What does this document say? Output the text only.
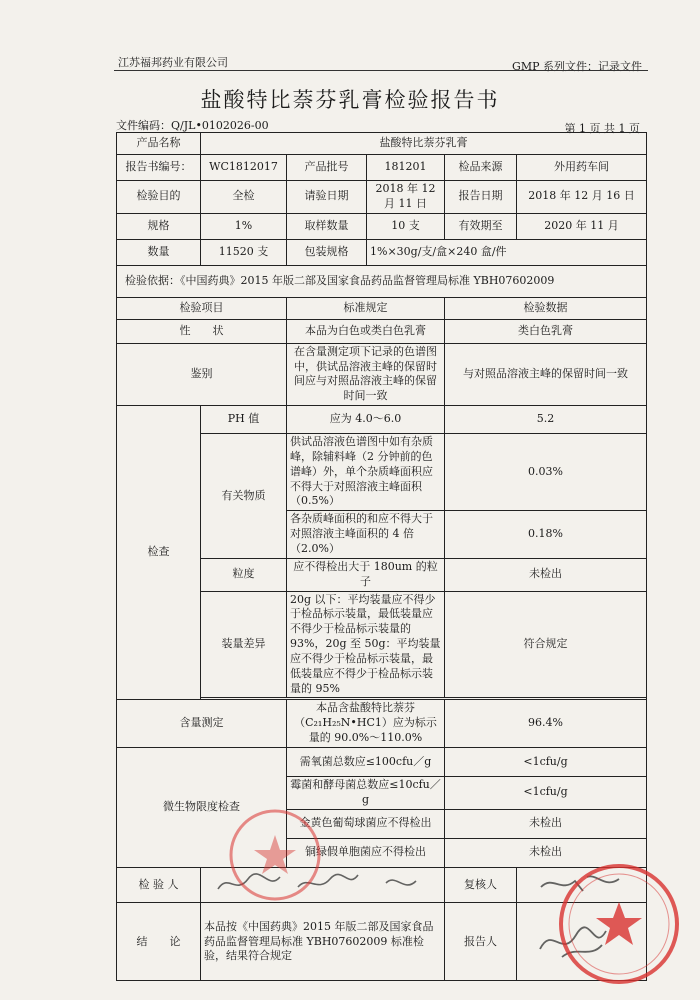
江苏福邦药业有限公司	GMP 系列文件：记录文件
盐酸特比萘芬乳膏检验报告书
文件编码：Q/JL•0102026-00	第 1 页 共 1 页
产品名称	盐酸特比萘芬乳膏				
报告书编号：	WC1812017	产品批号	181201	检品来源	外用药车间
检验目的	全检	请验日期	2018 年 12 月 11 日	报告日期	2018 年 12 月 16 日
规格	1%	取样数量	10 支	有效期至	2020 年 11 月
数量	11520 支	包装规格	1%×30g/支/盒×240 盒/件		
检验依据：《中国药典》2015 年版二部及国家食品药品监督管理局标准 YBH07602009					
检验项目		标准规定		检验数据	
性　　状		本品为白色或类白色乳膏		类白色乳膏	
鉴别		在含量测定项下记录的色谱图中，供试品溶液主峰的保留时间应与对照品溶液主峰的保留时间一致		与对照品溶液主峰的保留时间一致	
检查	PH 值	应为 4.0～6.0		5.2	
	有关物质	供试品溶液色谱图中如有杂质峰，除辅料峰（2 分钟前的色谱峰）外，单个杂质峰面积应不得大于对照溶液主峰面积（0.5%）		0.03%	
		各杂质峰面积的和应不得大于对照溶液主峰面积的 4 倍（2.0%）		0.18%	
	粒度	应不得检出大于 180um 的粒子		未检出	
	装量差异	20g 以下：平均装量应不得少于检品标示装量，最低装量应不得少于检品标示装量的 93%，20g 至 50g：平均装量应不得少于检品标示装量，最低装量应不得少于检品标示装量的 95%		符合规定	

含量测定		本品含盐酸特比萘芬（C₂₁H₂₅N•HC1）应为标示量的 90.0%～110.0%		96.4%	
微生物限度检查		需氧菌总数应≤100cfu／g		<1cfu/g	
		霉菌和酵母菌总数应≤10cfu／g		<1cfu/g	
		金黄色葡萄球菌应不得检出		未检出	
		铜绿假单胞菌应不得检出		未检出	
检 验 人				复核人	
结　　论	本品按《中国药典》2015 年版二部及国家食品药品监督管理局标准 YBH07602009 标准检验，结果符合规定			报告人	
